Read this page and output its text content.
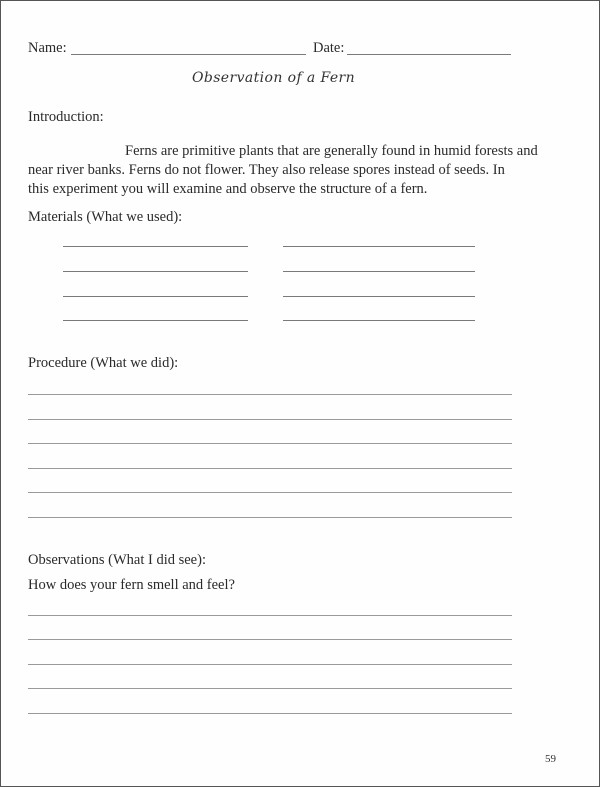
Name:	Date:
Observation of a Fern
Introduction:
Ferns are primitive plants that are generally found in humid forests and
near river banks. Ferns do not flower. They also release spores instead of seeds. In
this experiment you will examine and observe the structure of a fern.
Materials (What we used):
Procedure (What we did):
Observations (What I did see):
How does your fern smell and feel?
59
